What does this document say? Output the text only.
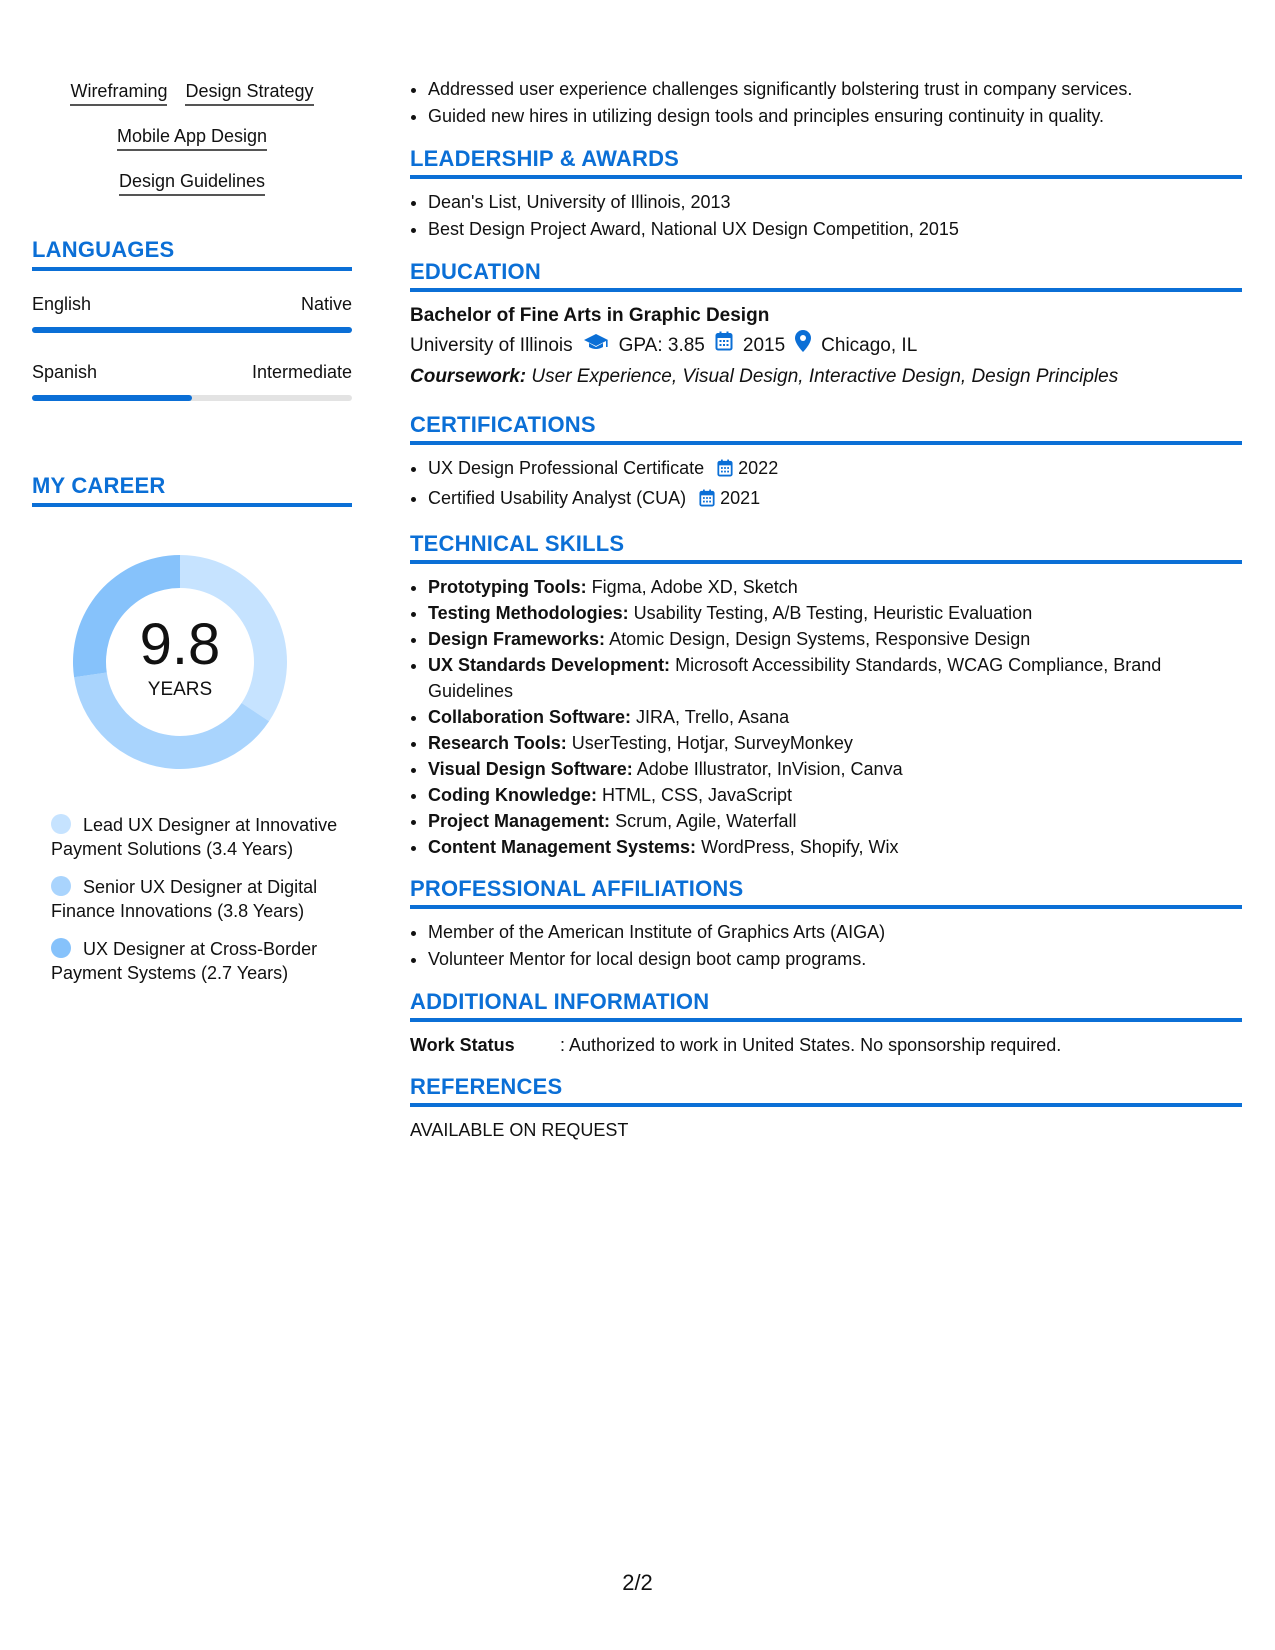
Wireframing Design Strategy
Mobile App Design
Design Guidelines
LANGUAGES
English	Native
Spanish	Intermediate
MY CAREER
9.8
YEARS
Lead UX Designer at Innovative Payment Solutions (3.4 Years)
Senior UX Designer at Digital Finance Innovations (3.8 Years)
UX Designer at Cross-Border Payment Systems (2.7 Years)
• Addressed user experience challenges significantly bolstering trust in company services.
• Guided new hires in utilizing design tools and principles ensuring continuity in quality.
LEADERSHIP & AWARDS
• Dean's List, University of Illinois, 2013
• Best Design Project Award, National UX Design Competition, 2015
EDUCATION
Bachelor of Fine Arts in Graphic Design
University of Illinois GPA: 3.85 2015 Chicago, IL
Coursework: User Experience, Visual Design, Interactive Design, Design Principles
CERTIFICATIONS
• UX Design Professional Certificate 2022
• Certified Usability Analyst (CUA) 2021
TECHNICAL SKILLS
• Prototyping Tools: Figma, Adobe XD, Sketch
• Testing Methodologies: Usability Testing, A/B Testing, Heuristic Evaluation
• Design Frameworks: Atomic Design, Design Systems, Responsive Design
• UX Standards Development: Microsoft Accessibility Standards, WCAG Compliance, Brand Guidelines
• Collaboration Software: JIRA, Trello, Asana
• Research Tools: UserTesting, Hotjar, SurveyMonkey
• Visual Design Software: Adobe Illustrator, InVision, Canva
• Coding Knowledge: HTML, CSS, JavaScript
• Project Management: Scrum, Agile, Waterfall
• Content Management Systems: WordPress, Shopify, Wix
PROFESSIONAL AFFILIATIONS
• Member of the American Institute of Graphics Arts (AIGA)
• Volunteer Mentor for local design boot camp programs.
ADDITIONAL INFORMATION
Work Status	: Authorized to work in United States. No sponsorship required.
REFERENCES
AVAILABLE ON REQUEST
2/2
